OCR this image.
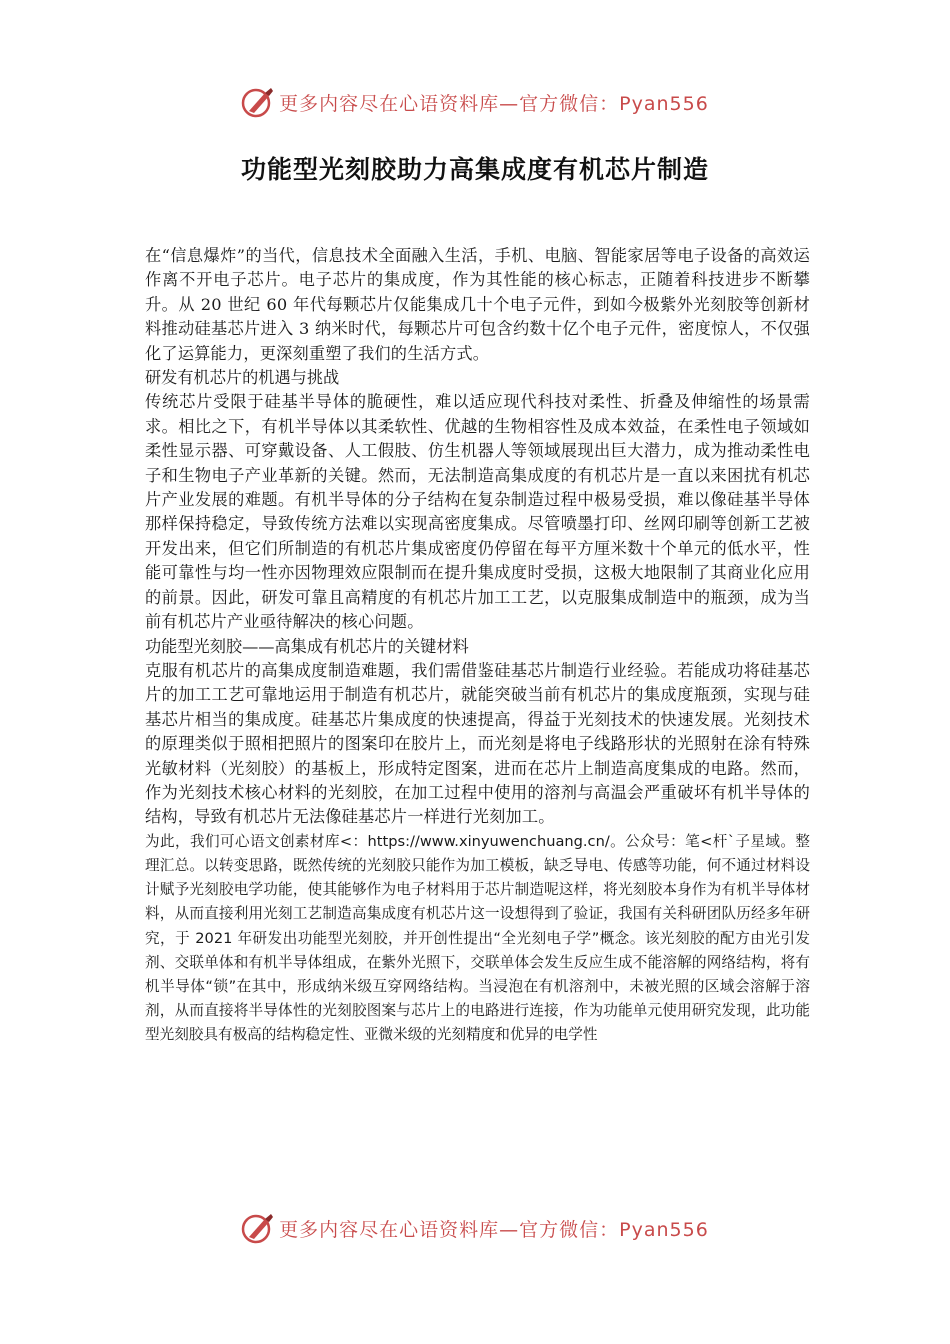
更多内容尽在心语资料库—官方微信：Pyan556
功能型光刻胶助力高集成度有机芯片制造

在“信息爆炸”的当代，信息技术全面融入生活，手机、电脑、智能家居等电子设备的高效运作离不开电子芯片。电子芯片的集成度，作为其性能的核心标志，正随着科技进步不断攀升。从 20 世纪 60 年代每颗芯片仅能集成几十个电子元件，到如今极紫外光刻胶等创新材料推动硅基芯片进入 3 纳米时代，每颗芯片可包含约数十亿个电子元件，密度惊人，不仅强化了运算能力，更深刻重塑了我们的生活方式。

研发有机芯片的机遇与挑战

传统芯片受限于硅基半导体的脆硬性，难以适应现代科技对柔性、折叠及伸缩性的场景需求。相比之下，有机半导体以其柔软性、优越的生物相容性及成本效益，在柔性电子领域如柔性显示器、可穿戴设备、人工假肢、仿生机器人等领域展现出巨大潜力，成为推动柔性电子和生物电子产业革新的关键。然而，无法制造高集成度的有机芯片是一直以来困扰有机芯片产业发展的难题。有机半导体的分子结构在复杂制造过程中极易受损，难以像硅基半导体那样保持稳定，导致传统方法难以实现高密度集成。尽管喷墨打印、丝网印刷等创新工艺被开发出来，但它们所制造的有机芯片集成密度仍停留在每平方厘米数十个单元的低水平，性能可靠性与均一性亦因物理效应限制而在提升集成度时受损，这极大地限制了其商业化应用的前景。因此，研发可靠且高精度的有机芯片加工工艺，以克服集成制造中的瓶颈，成为当前有机芯片产业亟待解决的核心问题。

功能型光刻胶——高集成有机芯片的关键材料

克服有机芯片的高集成度制造难题，我们需借鉴硅基芯片制造行业经验。若能成功将硅基芯片的加工工艺可靠地运用于制造有机芯片，就能突破当前有机芯片的集成度瓶颈，实现与硅基芯片相当的集成度。硅基芯片集成度的快速提高，得益于光刻技术的快速发展。光刻技术的原理类似于照相把照片的图案印在胶片上，而光刻是将电子线路形状的光照射在涂有特殊光敏材料（光刻胶）的基板上，形成特定图案，进而在芯片上制造高度集成的电路。然而，作为光刻技术核心材料的光刻胶，在加工过程中使用的溶剂与高温会严重破坏有机半导体的结构，导致有机芯片无法像硅基芯片一样进行光刻加工。

为此，我们可心语文创素材库<：https://www.xinyuwenchuang.cn/。公众号：笔<杆`子星域。整理汇总。以转变思路，既然传统的光刻胶只能作为加工模板，缺乏导电、传感等功能，何不通过材料设计赋予光刻胶电学功能，使其能够作为电子材料用于芯片制造呢这样，将光刻胶本身作为有机半导体材料，从而直接利用光刻工艺制造高集成度有机芯片这一设想得到了验证，我国有关科研团队历经多年研究，于 2021 年研发出功能型光刻胶，并开创性提出“全光刻电子学”概念。该光刻胶的配方由光引发剂、交联单体和有机半导体组成，在紫外光照下，交联单体会发生反应生成不能溶解的网络结构，将有机半导体“锁”在其中，形成纳米级互穿网络结构。当浸泡在有机溶剂中，未被光照的区域会溶解于溶剂，从而直接将半导体性的光刻胶图案与芯片上的电路进行连接，作为功能单元使用研究发现，此功能型光刻胶具有极高的结构稳定性、亚微米级的光刻精度和优异的电学性

更多内容尽在心语资料库—官方微信：Pyan556
